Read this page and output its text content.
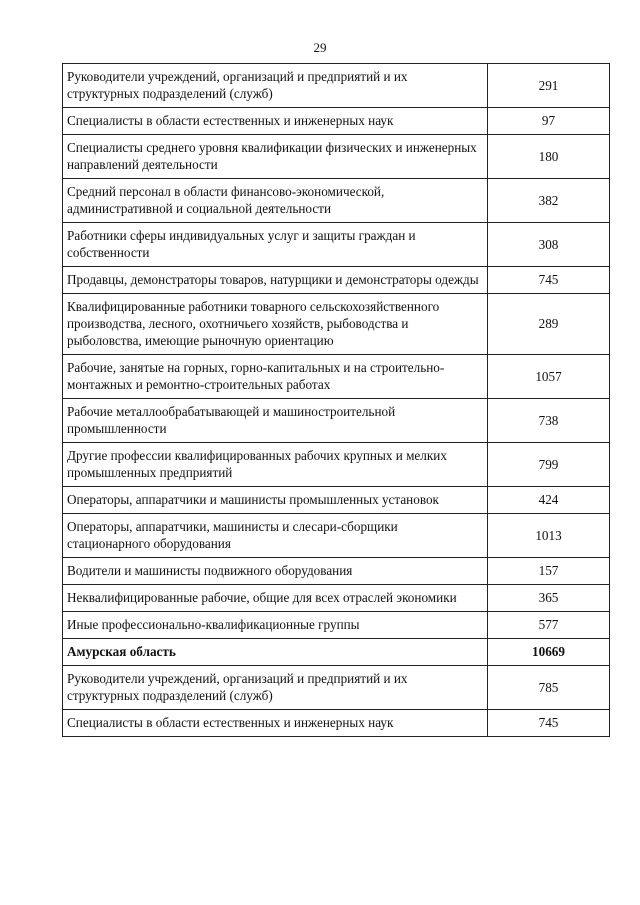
29
Руководители учреждений, организаций и предприятий и их структурных подразделений (служб)	291
Специалисты в области естественных и инженерных наук	97
Специалисты среднего уровня квалификации физических и инженерных направлений деятельности	180
Средний персонал в области финансово-экономической, административной и социальной деятельности	382
Работники сферы индивидуальных услуг и защиты граждан и собственности	308
Продавцы, демонстраторы товаров, натурщики и демонстраторы одежды	745
Квалифицированные работники товарного сельскохозяйственного производства, лесного, охотничьего хозяйств, рыбоводства и рыболовства, имеющие рыночную ориентацию	289
Рабочие, занятые на горных, горно-капитальных и на строительно-монтажных и ремонтно-строительных работах	1057
Рабочие металлообрабатывающей и машиностроительной промышленности	738
Другие профессии квалифицированных рабочих крупных и мелких промышленных предприятий	799
Операторы, аппаратчики и машинисты промышленных установок	424
Операторы, аппаратчики, машинисты и слесари-сборщики стационарного оборудования	1013
Водители и машинисты подвижного оборудования	157
Неквалифицированные рабочие, общие для всех отраслей экономики	365
Иные профессионально-квалификационные группы	577
Амурская область	10669
Руководители учреждений, организаций и предприятий и их структурных подразделений (служб)	785
Специалисты в области естественных и инженерных наук	745
